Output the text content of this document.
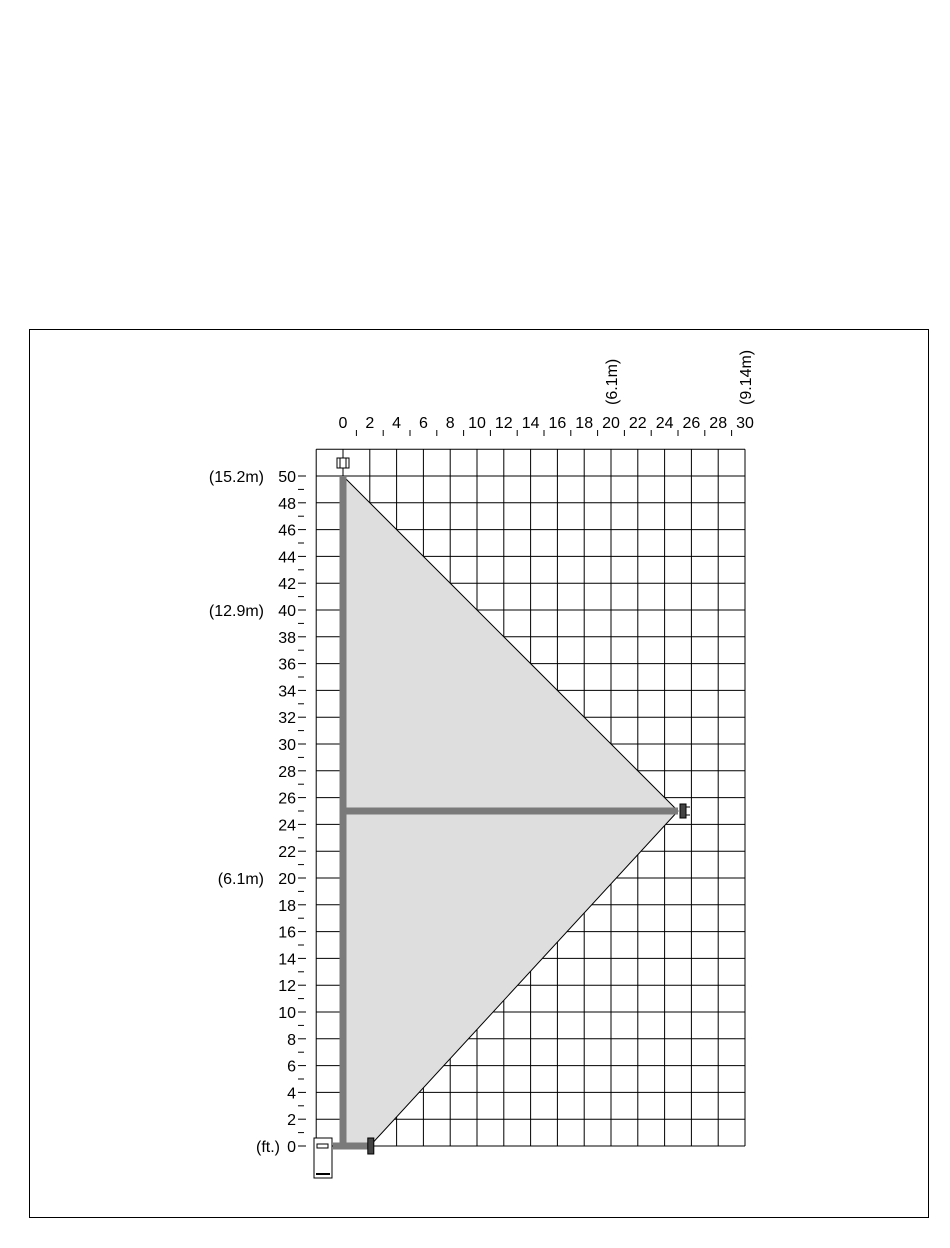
0 2 4 6 8 10 12 14 16 18 20 22 24 26 28 30
(6.1m)	(9.14m)
0
2
4
6
8
10
12
14
16
18
20
22
24
26
28
30
32
34
36
38
40
42
44
46
48
50
(15.2m)
(12.9m)
(6.1m)
(ft.)
